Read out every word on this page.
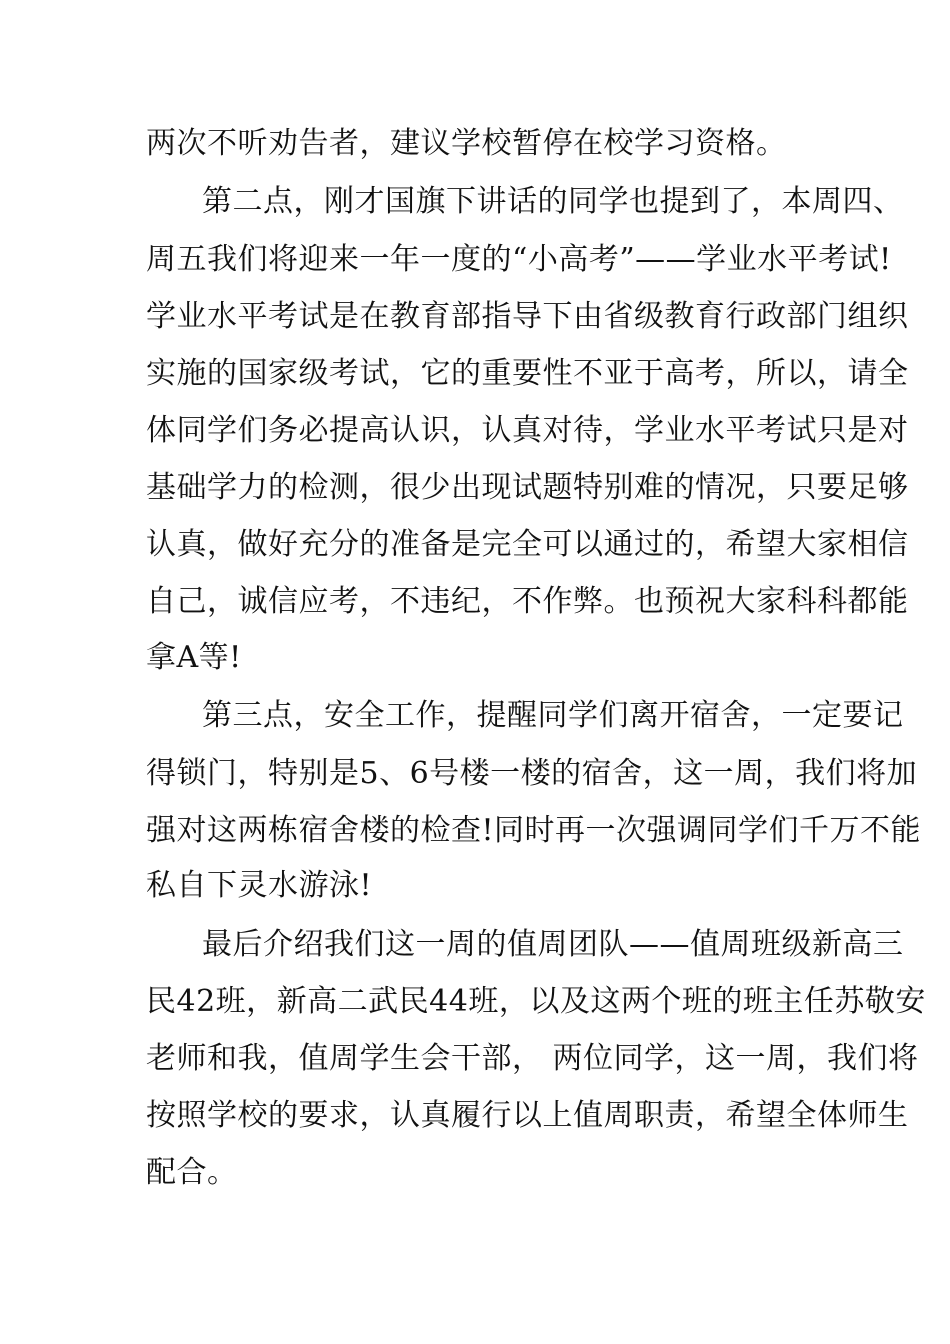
两次不听劝告者，建议学校暂停在校学习资格。
第二点，刚才国旗下讲话的同学也提到了，本周四、
周五我们将迎来一年一度的“小高考”——学业水平考试!
学业水平考试是在教育部指导下由省级教育行政部门组织
实施的国家级考试，它的重要性不亚于高考，所以，请全
体同学们务必提高认识，认真对待，学业水平考试只是对
基础学力的检测，很少出现试题特别难的情况，只要足够
认真，做好充分的准备是完全可以通过的，希望大家相信
自己，诚信应考，不违纪，不作弊。也预祝大家科科都能
拿A等!
第三点，安全工作，提醒同学们离开宿舍，一定要记
得锁门，特别是5、6号楼一楼的宿舍，这一周，我们将加
强对这两栋宿舍楼的检查!同时再一次强调同学们千万不能
私自下灵水游泳!
最后介绍我们这一周的值周团队——值周班级新高三
民42班，新高二武民44班，以及这两个班的班主任苏敬安
老师和我，值周学生会干部， 两位同学，这一周，我们将
按照学校的要求，认真履行以上值周职责，希望全体师生
配合。
